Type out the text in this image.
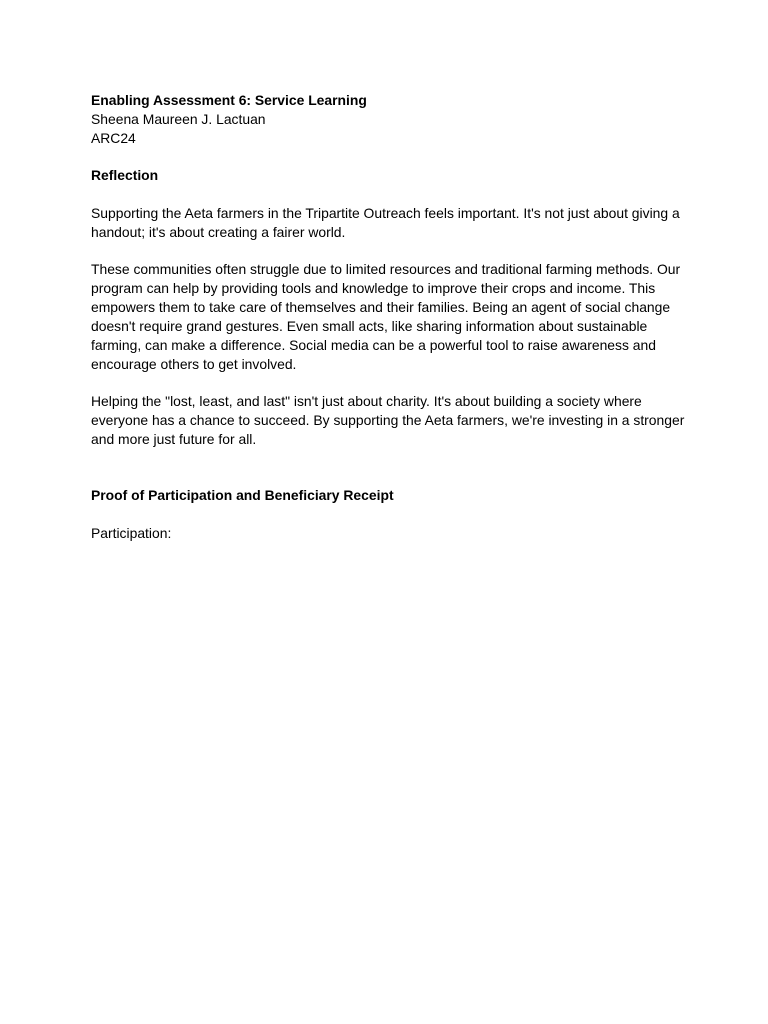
Enabling Assessment 6: Service Learning

Sheena Maureen J. Lactuan

ARC24

Reflection

Supporting the Aeta farmers in the Tripartite Outreach feels important. It's not just about giving a handout; it's about creating a fairer world.

These communities often struggle due to limited resources and traditional farming methods. Our program can help by providing tools and knowledge to improve their crops and income. This empowers them to take care of themselves and their families. Being an agent of social change doesn't require grand gestures. Even small acts, like sharing information about sustainable farming, can make a difference. Social media can be a powerful tool to raise awareness and encourage others to get involved.

Helping the "lost, least, and last" isn't just about charity. It's about building a society where everyone has a chance to succeed. By supporting the Aeta farmers, we're investing in a stronger and more just future for all.

Proof of Participation and Beneficiary Receipt

Participation:
